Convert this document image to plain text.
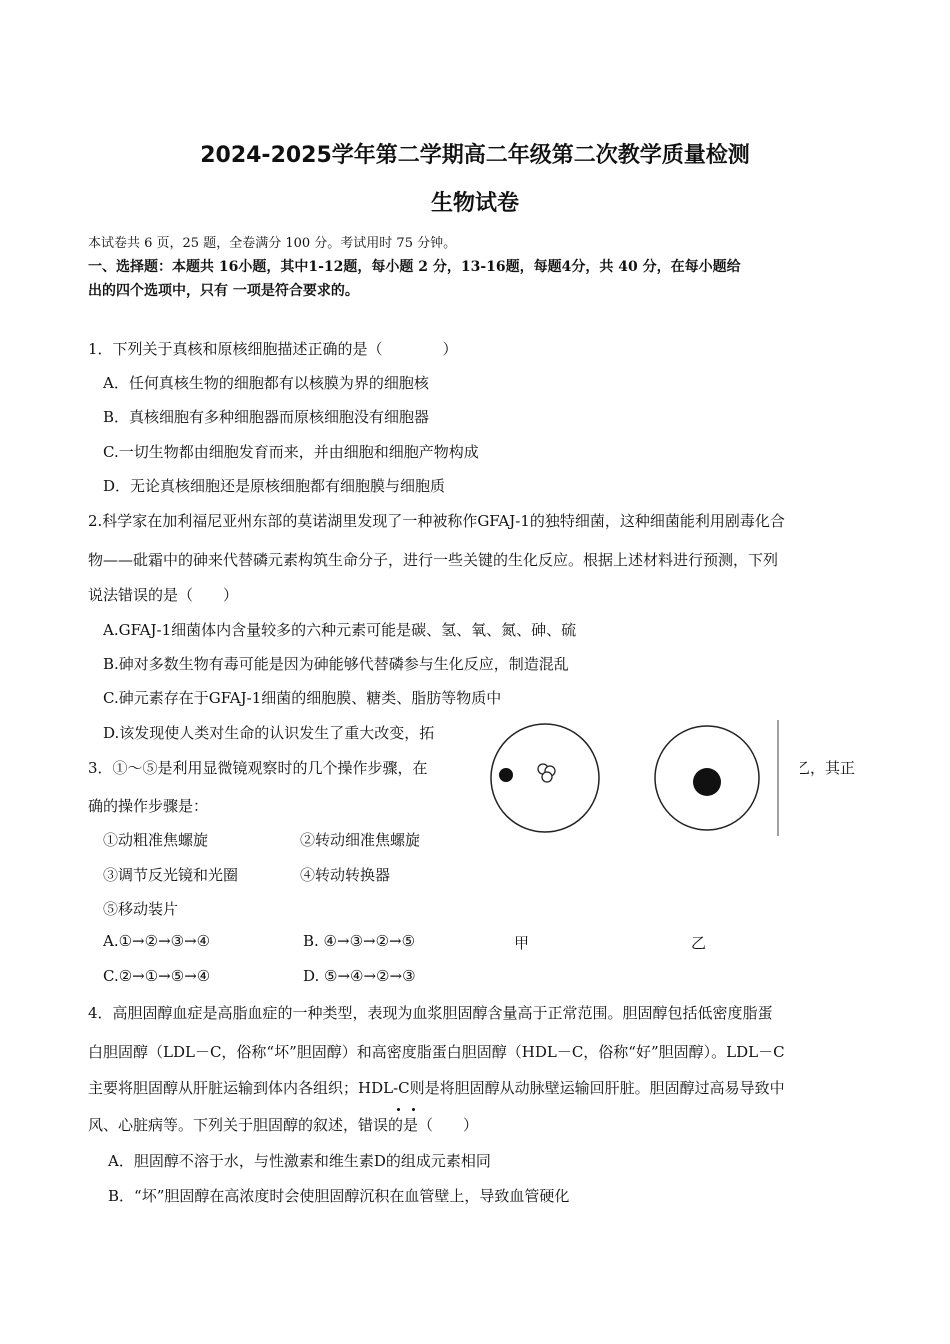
2024-2025学年第二学期高二年级第二次教学质量检测
生物试卷
本试卷共 6 页，25 题，全卷满分 100 分。考试用时 75 分钟。
一、选择题：本题共 16小题，其中1-12题，每小题 2 分，13-16题，每题4分，共 40 分，在每小题给
出的四个选项中，只有 一项是符合要求的。
1．下列关于真核和原核细胞描述正确的是（　　　　）
A．任何真核生物的细胞都有以核膜为界的细胞核
B．真核细胞有多种细胞器而原核细胞没有细胞器
C.一切生物都由细胞发育而来，并由细胞和细胞产物构成
D．无论真核细胞还是原核细胞都有细胞膜与细胞质
2.科学家在加利福尼亚州东部的莫诺湖里发现了一种被称作GFAJ-1的独特细菌，这种细菌能利用剧毒化合
物——砒霜中的砷来代替磷元素构筑生命分子，进行一些关键的生化反应。根据上述材料进行预测，下列
说法错误的是（　　）
A.GFAJ-1细菌体内含量较多的六种元素可能是碳、氢、氧、氮、砷、硫
B.砷对多数生物有毒可能是因为砷能够代替磷参与生化反应，制造混乱
C.砷元素存在于GFAJ-1细菌的细胞膜、糖类、脂肪等物质中
D.该发现使人类对生命的认识发生了重大改变，拓
3．①～⑤是利用显微镜观察时的几个操作步骤，在	为乙，其正
确的操作步骤是：
①动粗准焦螺旋	②转动细准焦螺旋
③调节反光镜和光圈	④转动转换器
⑤移动装片
A.①→②→③→④	B. ④→③→②→⑤
C.②→①→⑤→④	D. ⑤→④→②→③
甲	乙
4．高胆固醇血症是高脂血症的一种类型，表现为血浆胆固醇含量高于正常范围。胆固醇包括低密度脂蛋
白胆固醇（LDL－C，俗称“坏”胆固醇）和高密度脂蛋白胆固醇（HDL－C，俗称“好”胆固醇）。LDL－C
主要将胆固醇从肝脏运输到体内各组织；HDL-C则是将胆固醇从动脉壁运输回肝脏。胆固醇过高易导致中
风、心脏病等。下列关于胆固醇的叙述，错误的是（　　）
A．胆固醇不溶于水，与性激素和维生素D的组成元素相同
B．“坏”胆固醇在高浓度时会使胆固醇沉积在血管壁上，导致血管硬化
